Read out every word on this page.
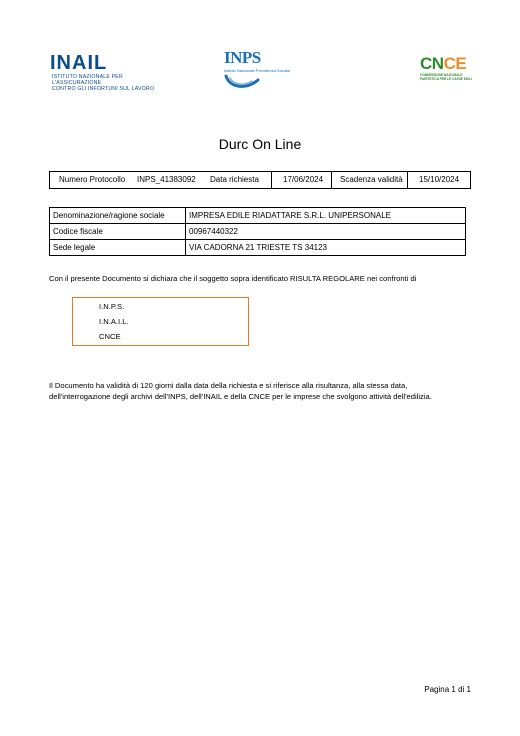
INAIL
ISTITUTO NAZIONALE PER L'ASSICURAZIONE
CONTRO GLI INFORTUNI SUL LAVORO
INPS
Istituto Nazionale Previdenza Sociale	CNCE
COMMISSIONE NAZIONALE
PARITETICA PER LE CASSE EDILI
Durc On Line
Numero Protocollo INPS_41383092 Data richiesta	17/06/2024 Scadenza validità 15/10/2024
Denominazione/ragione sociale	IMPRESA EDILE RIADATTARE S.R.L. UNIPERSONALE
Codice fiscale	00967440322
Sede legale	VIA CADORNA 21 TRIESTE TS 34123
Con il presente Documento si dichiara che il soggetto sopra identificato RISULTA REGOLARE nei confronti di
I.N.P.S.
I.N.A.I.L.
CNCE
Il Documento ha validità di 120 giorni dalla data della richiesta e si riferisce alla risultanza, alla stessa data,
dell'interrogazione degli archivi dell'INPS, dell'INAIL e della CNCE per le imprese che svolgono attività dell'edilizia.
Pagina 1 di 1
